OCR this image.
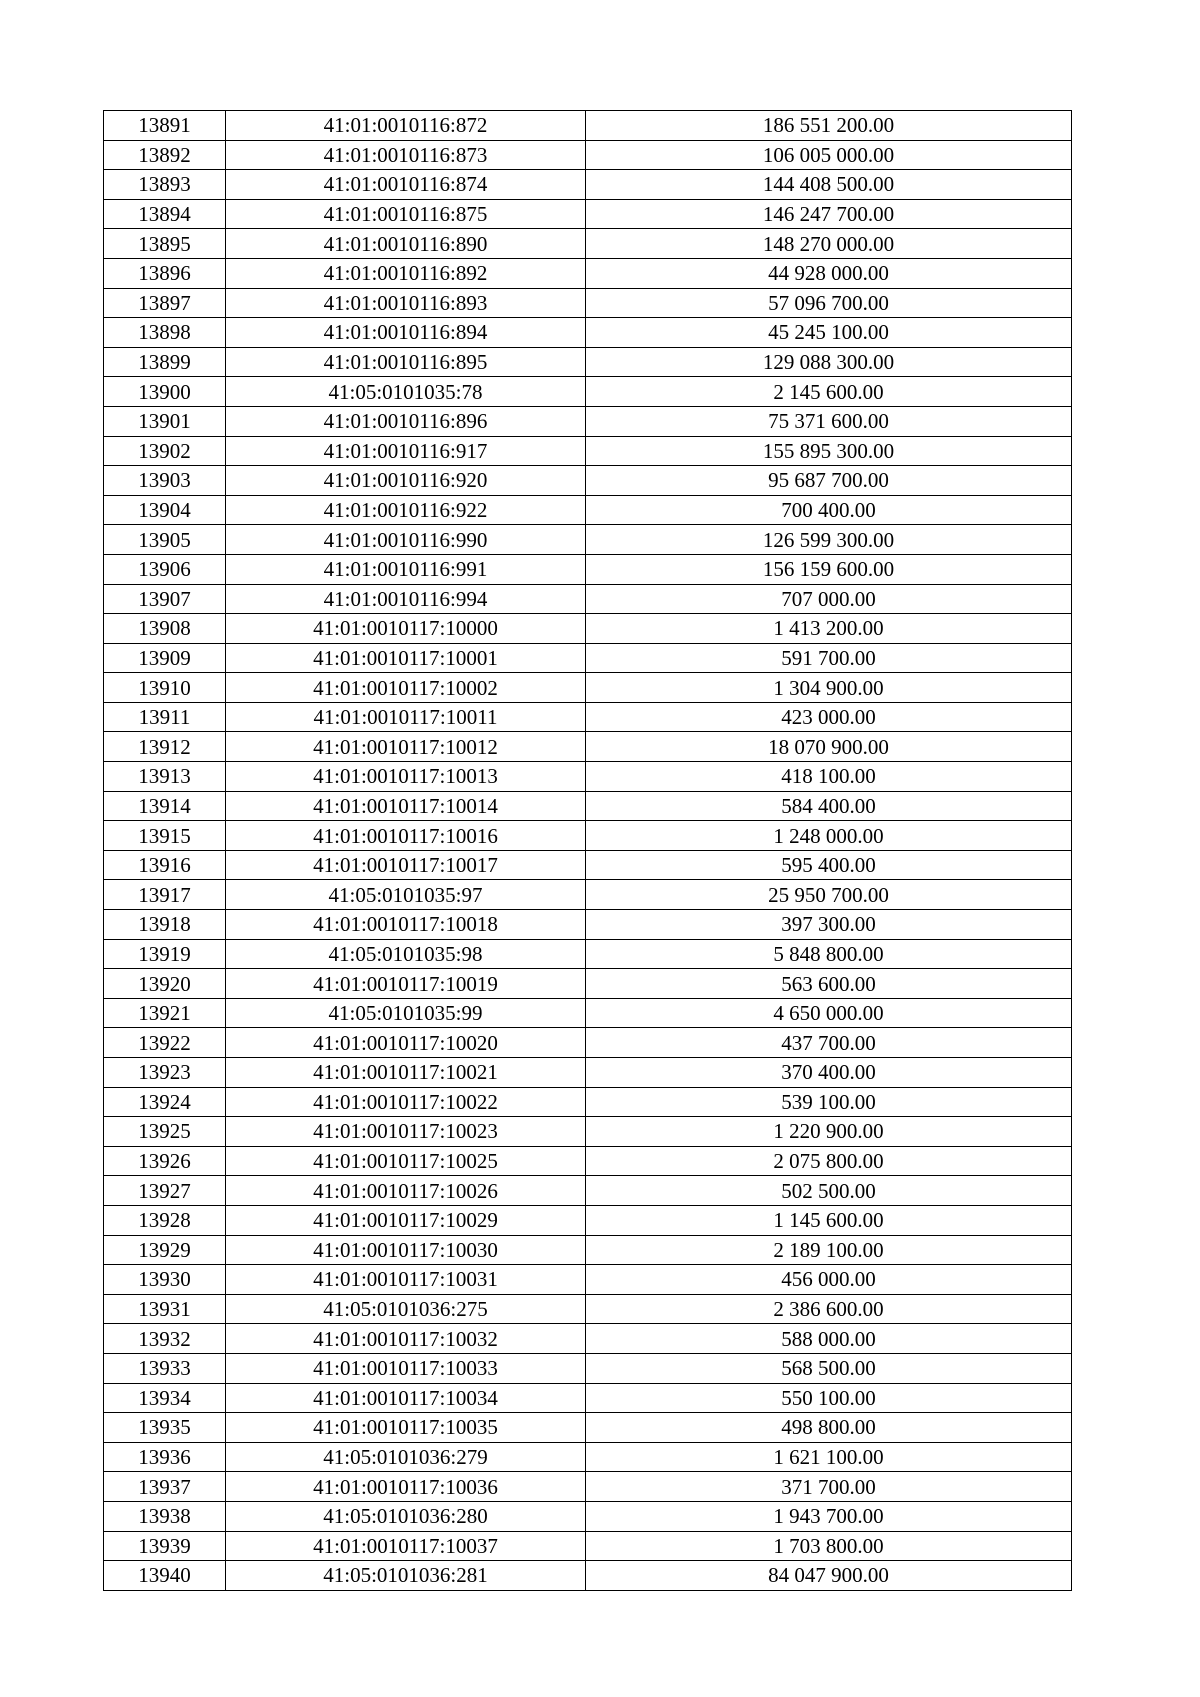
13891	41:01:0010116:872	186 551 200.00
13892	41:01:0010116:873	106 005 000.00
13893	41:01:0010116:874	144 408 500.00
13894	41:01:0010116:875	146 247 700.00
13895	41:01:0010116:890	148 270 000.00
13896	41:01:0010116:892	44 928 000.00
13897	41:01:0010116:893	57 096 700.00
13898	41:01:0010116:894	45 245 100.00
13899	41:01:0010116:895	129 088 300.00
13900	41:05:0101035:78	2 145 600.00
13901	41:01:0010116:896	75 371 600.00
13902	41:01:0010116:917	155 895 300.00
13903	41:01:0010116:920	95 687 700.00
13904	41:01:0010116:922	700 400.00
13905	41:01:0010116:990	126 599 300.00
13906	41:01:0010116:991	156 159 600.00
13907	41:01:0010116:994	707 000.00
13908	41:01:0010117:10000	1 413 200.00
13909	41:01:0010117:10001	591 700.00
13910	41:01:0010117:10002	1 304 900.00
13911	41:01:0010117:10011	423 000.00
13912	41:01:0010117:10012	18 070 900.00
13913	41:01:0010117:10013	418 100.00
13914	41:01:0010117:10014	584 400.00
13915	41:01:0010117:10016	1 248 000.00
13916	41:01:0010117:10017	595 400.00
13917	41:05:0101035:97	25 950 700.00
13918	41:01:0010117:10018	397 300.00
13919	41:05:0101035:98	5 848 800.00
13920	41:01:0010117:10019	563 600.00
13921	41:05:0101035:99	4 650 000.00
13922	41:01:0010117:10020	437 700.00
13923	41:01:0010117:10021	370 400.00
13924	41:01:0010117:10022	539 100.00
13925	41:01:0010117:10023	1 220 900.00
13926	41:01:0010117:10025	2 075 800.00
13927	41:01:0010117:10026	502 500.00
13928	41:01:0010117:10029	1 145 600.00
13929	41:01:0010117:10030	2 189 100.00
13930	41:01:0010117:10031	456 000.00
13931	41:05:0101036:275	2 386 600.00
13932	41:01:0010117:10032	588 000.00
13933	41:01:0010117:10033	568 500.00
13934	41:01:0010117:10034	550 100.00
13935	41:01:0010117:10035	498 800.00
13936	41:05:0101036:279	1 621 100.00
13937	41:01:0010117:10036	371 700.00
13938	41:05:0101036:280	1 943 700.00
13939	41:01:0010117:10037	1 703 800.00
13940	41:05:0101036:281	84 047 900.00
